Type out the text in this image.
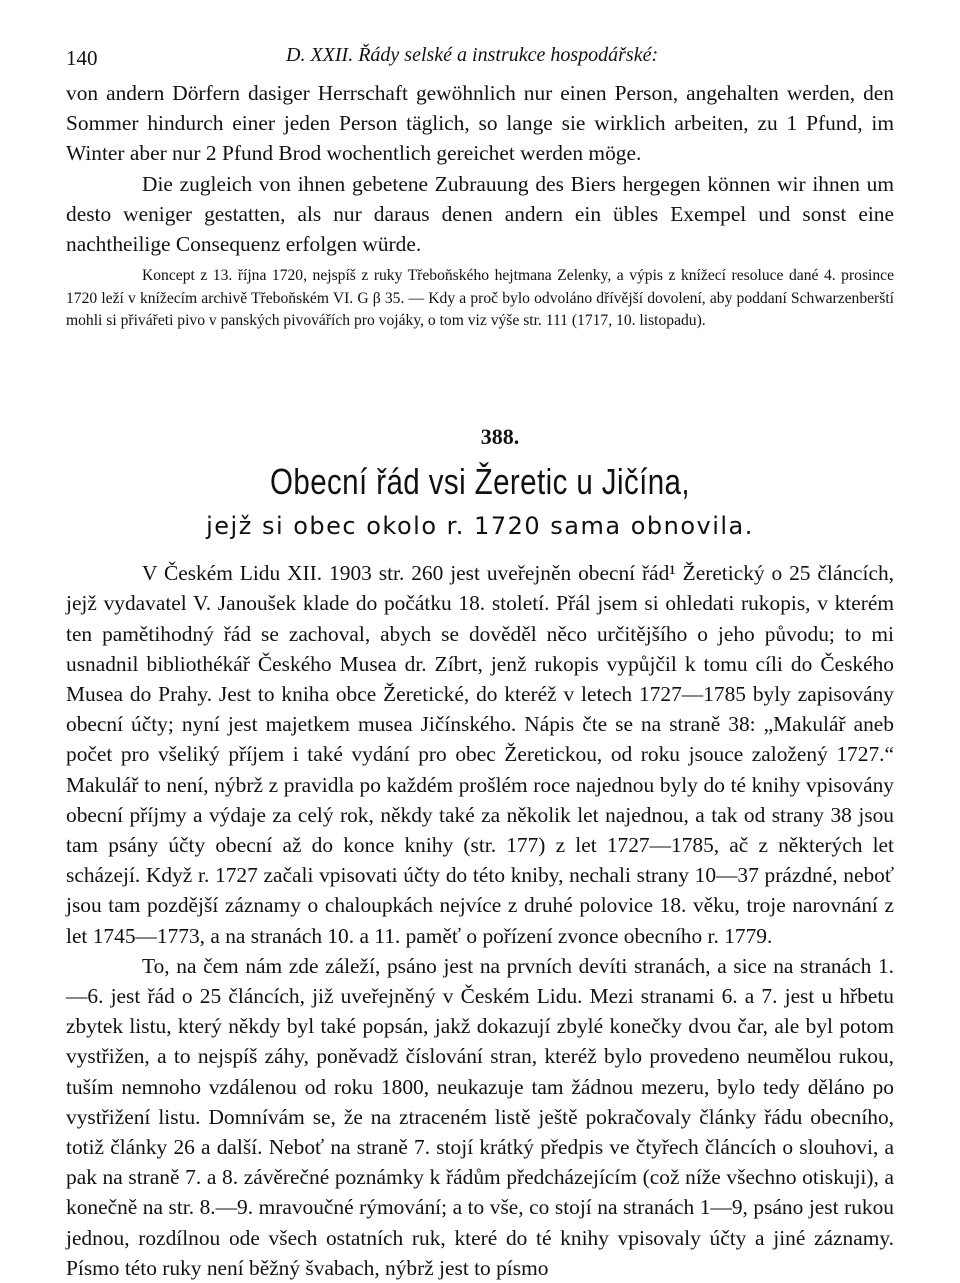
140	D. XXII. Řády selské a instrukce hospodářské:

von andern Dörfern dasiger Herrschaft gewöhnlich nur einen Person, angehalten werden, den Sommer hindurch einer jeden Person täglich, so lange sie wirklich arbeiten, zu 1 Pfund, im Winter aber nur 2 Pfund Brod wochentlich gereichet werden möge.

Die zugleich von ihnen gebetene Zubrauung des Biers hergegen können wir ihnen um desto weniger gestatten, als nur daraus denen andern ein übles Exempel und sonst eine nachtheilige Consequenz erfolgen würde.

Koncept z 13. října 1720, nejspíš z ruky Třeboňského hejtmana Zelenky, a výpis z knížecí resoluce dané 4. prosince 1720 leží v knížecím archivě Třeboňském VI. G β 35. — Kdy a proč bylo odvoláno dřívější dovolení, aby poddaní Schwarzenberští mohli si přivářeti pivo v panských pivovářích pro vojáky, o tom viz výše str. 111 (1717, 10. listopadu).

388.
Obecní řád vsi Žeretic u Jičína,
jejž si obec okolo r. 1720 sama obnovila.

V Českém Lidu XII. 1903 str. 260 jest uveřejněn obecní řád¹ Žeretický o 25 článcích, jejž vydavatel V. Janoušek klade do počátku 18. století. Přál jsem si ohledati rukopis, v kterém ten pamětihodný řád se zachoval, abych se dověděl něco určitějšího o jeho původu; to mi usnadnil bibliothékář Českého Musea dr. Zíbrt, jenž rukopis vypůjčil k tomu cíli do Českého Musea do Prahy. Jest to kniha obce Žeretické, do kteréž v letech 1727—1785 byly zapisovány obecní účty; nyní jest majetkem musea Jičínského. Nápis čte se na straně 38: „Makulář aneb počet pro všeliký příjem i také vydání pro obec Žeretickou, od roku jsouce založený 1727.“ Makulář to není, nýbrž z pravidla po každém prošlém roce najednou byly do té knihy vpisovány obecní příjmy a výdaje za celý rok, někdy také za několik let najednou, a tak od strany 38 jsou tam psány účty obecní až do konce knihy (str. 177) z let 1727—1785, ač z některých let scházejí. Když r. 1727 začali vpisovati účty do této kniby, nechali strany 10—37 prázdné, neboť jsou tam pozdější záznamy o chaloupkách nejvíce z druhé polovice 18. věku, troje narovnání z let 1745—1773, a na stranách 10. a 11. paměť o pořízení zvonce obecního r. 1779.

To, na čem nám zde záleží, psáno jest na prvních devíti stranách, a sice na stranách 1.—6. jest řád o 25 článcích, již uveřejněný v Českém Lidu. Mezi stranami 6. a 7. jest u hřbetu zbytek listu, který někdy byl také popsán, jakž dokazují zbylé konečky dvou čar, ale byl potom vystřižen, a to nejspíš záhy, poněvadž číslování stran, kteréž bylo provedeno neumělou rukou, tuším nemnoho vzdálenou od roku 1800, neukazuje tam žádnou mezeru, bylo tedy děláno po vystřižení listu. Domnívám se, že na ztraceném listě ještě pokračovaly články řádu obecního, totiž články 26 a další. Neboť na straně 7. stojí krátký předpis ve čtyřech článcích o slouhovi, a pak na straně 7. a 8. závěrečné poznámky k řádům předcházejícím (což níže všechno otiskuji), a konečně na str. 8.—9. mravoučné rýmování; a to vše, co stojí na stranách 1—9, psáno jest rukou jednou, rozdílnou ode všech ostatních ruk, které do té knihy vpisovaly účty a jiné záznamy. Písmo této ruky není běžný švabach, nýbrž jest to písmo
